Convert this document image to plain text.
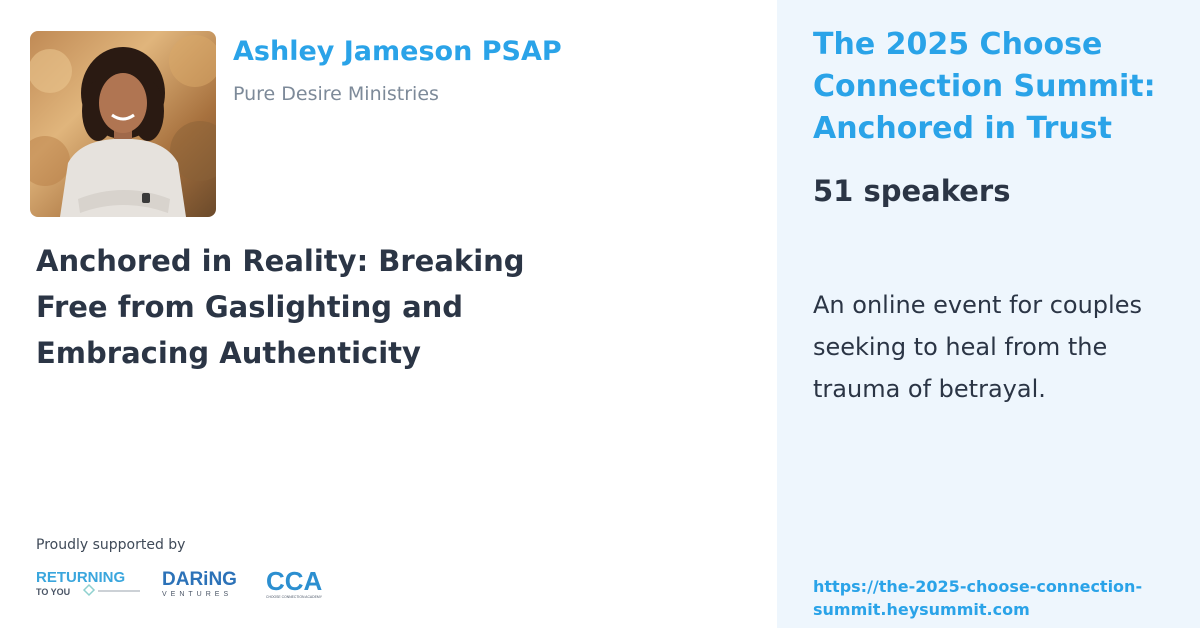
Ashley Jameson PSAP
Pure Desire Ministries
Anchored in Reality: Breaking Free from Gaslighting and Embracing Authenticity
Proudly supported by
RETURNING
TO YOU
DARiNG
VENTURES CCA
CHOOSE CONNECTION ACADEMY
The 2025 Choose Connection Summit: Anchored in Trust
51 speakers
An online event for couples seeking to heal from the trauma of betrayal.
https://the-2025-choose-connection-summit.heysummit.com
